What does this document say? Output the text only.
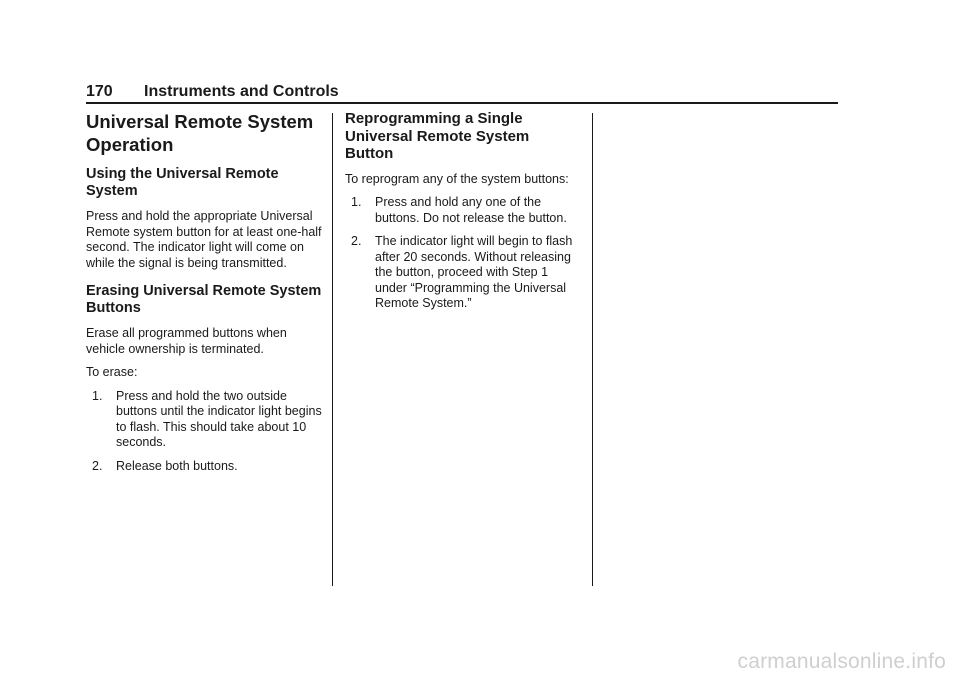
170 Instruments and Controls
Universal Remote System Operation
Using the Universal Remote System

Press and hold the appropriate Universal Remote system button for at least one-half second. The indicator light will come on while the signal is being transmitted.

Erasing Universal Remote System Buttons

Erase all programmed buttons when vehicle ownership is terminated.

To erase:

1. Press and hold the two outside buttons until the indicator light begins to flash. This should take about 10 seconds.
2. Release both buttons.
Reprogramming a Single Universal Remote System Button

To reprogram any of the system buttons:

1. Press and hold any one of the buttons. Do not release the button.
2. The indicator light will begin to flash after 20 seconds. Without releasing the button, proceed with Step 1 under “Programming the Universal Remote System.”
carmanualsonline.info
